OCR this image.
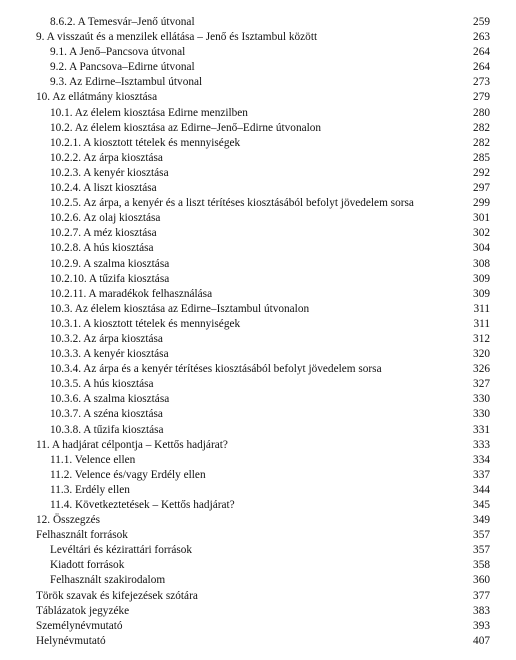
8.6.2. A Temesvár–Jenő útvonal	259
9. A visszaút és a menzilek ellátása – Jenő és Isztambul között	263
9.1. A Jenő–Pancsova útvonal	264
9.2. A Pancsova–Edirne útvonal	264
9.3. Az Edirne–Isztambul útvonal	273
10. Az ellátmány kiosztása	279
10.1. Az élelem kiosztása Edirne menzilben	280
10.2. Az élelem kiosztása az Edirne–Jenő–Edirne útvonalon	282
10.2.1. A kiosztott tételek és mennyiségek	282
10.2.2. Az árpa kiosztása	285
10.2.3. A kenyér kiosztása	292
10.2.4. A liszt kiosztása	297
10.2.5. Az árpa, a kenyér és a liszt térítéses kiosztásából befolyt jövedelem sorsa	299
10.2.6. Az olaj kiosztása	301
10.2.7. A méz kiosztása	302
10.2.8. A hús kiosztása	304
10.2.9. A szalma kiosztása	308
10.2.10. A tűzifa kiosztása	309
10.2.11. A maradékok felhasználása	309
10.3. Az élelem kiosztása az Edirne–Isztambul útvonalon	311
10.3.1. A kiosztott tételek és mennyiségek	311
10.3.2. Az árpa kiosztása	312
10.3.3. A kenyér kiosztása	320
10.3.4. Az árpa és a kenyér térítéses kiosztásából befolyt jövedelem sorsa	326
10.3.5. A hús kiosztása	327
10.3.6. A szalma kiosztása	330
10.3.7. A széna kiosztása	330
10.3.8. A tűzifa kiosztása	331
11. A hadjárat célpontja – Kettős hadjárat?	333
11.1. Velence ellen	334
11.2. Velence és/vagy Erdély ellen	337
11.3. Erdély ellen	344
11.4. Következtetések – Kettős hadjárat?	345
12. Összegzés	349
Felhasznált források	357
Levéltári és kézirattári források	357
Kiadott források	358
Felhasznált szakirodalom	360
Török szavak és kifejezések szótára	377
Táblázatok jegyzéke	383
Személynévmutató	393
Helynévmutató	407
